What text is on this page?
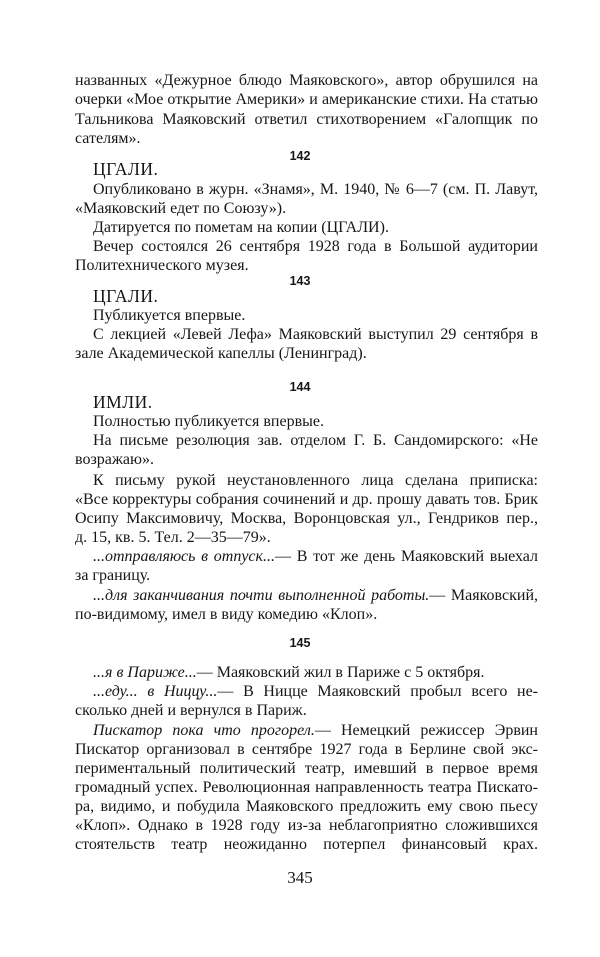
названных «Дежурное блюдо Маяковского», автор обрушился на
очерки «Мое открытие Америки» и американские стихи. На статью
Тальникова Маяковский ответил стихотворением «Галопщик по
сателям».
142
ЦГАЛИ.
Опубликовано в журн. «Знамя», М. 1940, № 6—7 (см. П. Лавут,
«Маяковский едет по Союзу»).
Датируется по пометам на копии (ЦГАЛИ).
Вечер состоялся 26 сентября 1928 года в Большой аудитории
Политехнического музея.
143
ЦГАЛИ.
Публикуется впервые.
С лекцией «Левей Лефа» Маяковский выступил 29 сентября в
зале Академической капеллы (Ленинград).
144
ИМЛИ.
Полностью публикуется впервые.
На письме резолюция зав. отделом Г. Б. Сандомирского: «Не
возражаю».
К письму рукой неустановленного лица сделана приписка:
«Все корректуры собрания сочинений и др. прошу давать тов. Брик
Осипу Максимовичу, Москва, Воронцовская ул., Гендриков пер.,
д. 15, кв. 5. Тел. 2—35—79».
...отправляюсь в отпуск...— В тот же день Маяковский выехал
за границу.
...для заканчивания почти выполненной работы.— Маяковский,
по-видимому, имел в виду комедию «Клоп».
145
...я в Париже...— Маяковский жил в Париже с 5 октября.
...еду... в Ниццу...— В Ницце Маяковский пробыл всего не-
сколько дней и вернулся в Париж.
Пискатор пока что прогорел.— Немецкий режиссер Эрвин
Пискатор организовал в сентябре 1927 года в Берлине свой экс-
периментальный политический театр, имевший в первое время
громадный успех. Революционная направленность театра Пискато-
ра, видимо, и побудила Маяковского предложить ему свою пьесу
«Клоп». Однако в 1928 году из-за неблагоприятно сложившихся
стоятельств театр неожиданно потерпел финансовый крах.
345
